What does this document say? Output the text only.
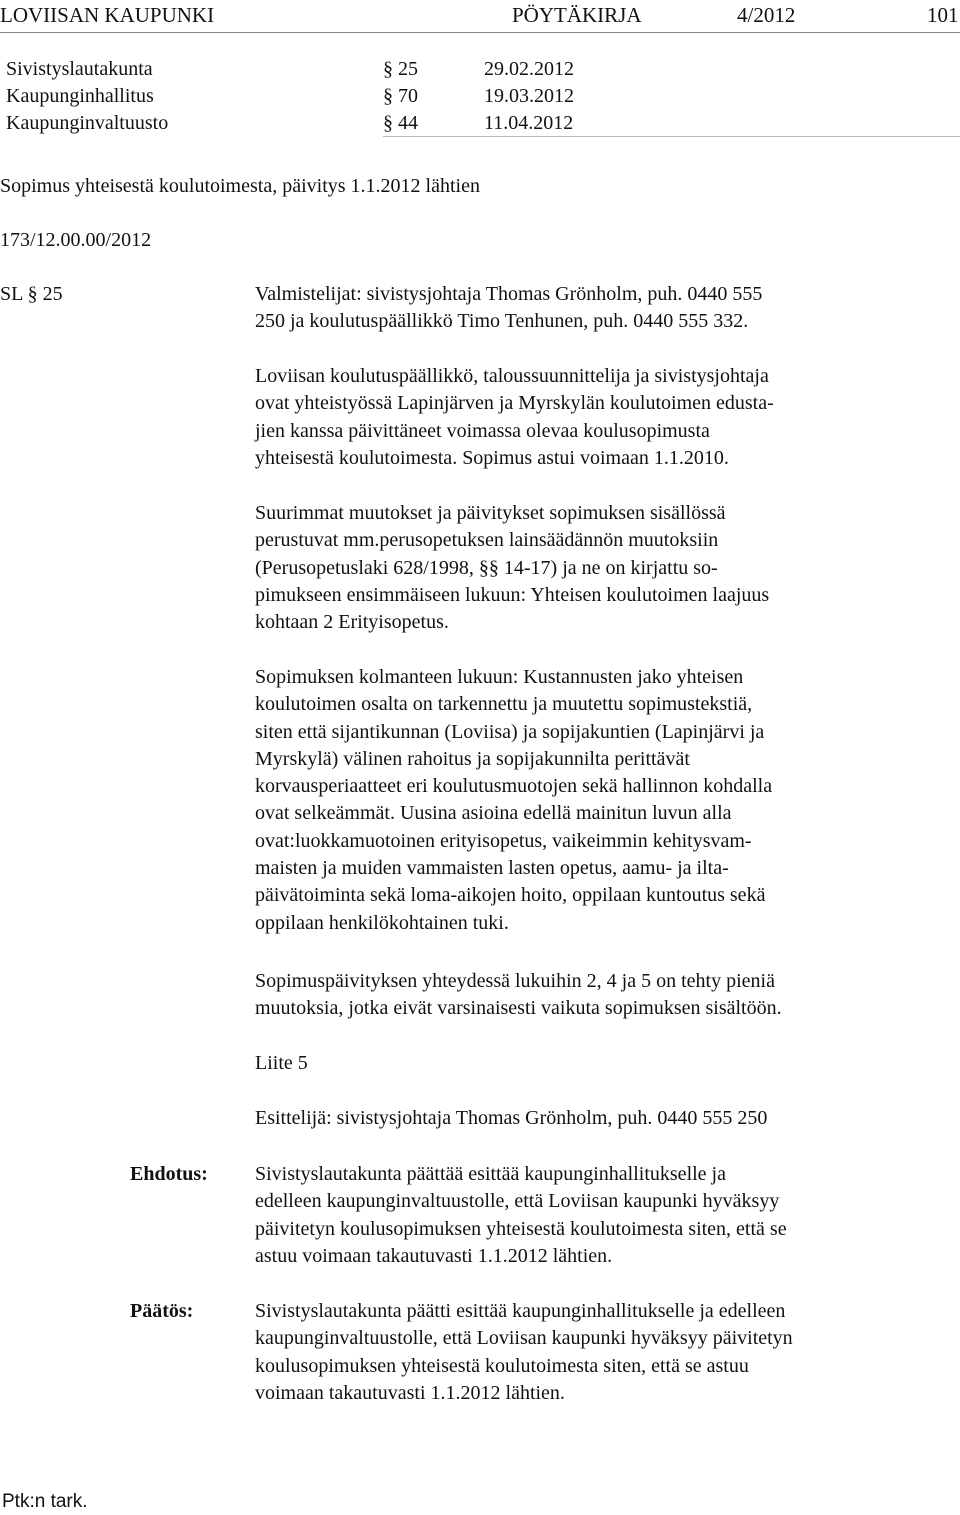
LOVIISAN KAUPUNKI	PÖYTÄKIRJA	4/2012	101
Sivistyslautakunta	§ 25	29.02.2012
Kaupunginhallitus	§ 70	19.03.2012
Kaupunginvaltuusto	§ 44	11.04.2012
Sopimus yhteisestä koulutoimesta, päivitys 1.1.2012 lähtien
173/12.00.00/2012
SL § 25	Valmistelijat: sivistysjohtaja Thomas Grönholm, puh. 0440 555
250 ja koulutuspäällikkö Timo Tenhunen, puh. 0440 555 332.
Loviisan koulutuspäällikkö, taloussuunnittelija ja sivistysjohtaja
ovat yhteistyössä Lapinjärven ja Myrskylän koulutoimen edusta-
jien kanssa päivittäneet voimassa olevaa koulusopimusta
yhteisestä koulutoimesta. Sopimus astui voimaan 1.1.2010.
Suurimmat muutokset ja päivitykset sopimuksen sisällössä
perustuvat mm.perusopetuksen lainsäädännön muutoksiin
(Perusopetuslaki 628/1998, §§ 14-17) ja ne on kirjattu so-
pimukseen ensimmäiseen lukuun: Yhteisen koulutoimen laajuus
kohtaan 2 Erityisopetus.
Sopimuksen kolmanteen lukuun: Kustannusten jako yhteisen
koulutoimen osalta on tarkennettu ja muutettu sopimustekstiä,
siten että sijantikunnan (Loviisa) ja sopijakuntien (Lapinjärvi ja
Myrskylä) välinen rahoitus ja sopijakunnilta perittävät
korvausperiaatteet eri koulutusmuotojen sekä hallinnon kohdalla
ovat selkeämmät. Uusina asioina edellä mainitun luvun alla
ovat:luokkamuotoinen erityisopetus, vaikeimmin kehitysvam-
maisten ja muiden vammaisten lasten opetus, aamu- ja ilta-
päivätoiminta sekä loma-aikojen hoito, oppilaan kuntoutus sekä
oppilaan henkilökohtainen tuki.
Sopimuspäivityksen yhteydessä lukuihin 2, 4 ja 5 on tehty pieniä
muutoksia, jotka eivät varsinaisesti vaikuta sopimuksen sisältöön.
Liite 5
Esittelijä: sivistysjohtaja Thomas Grönholm, puh. 0440 555 250
Ehdotus: Sivistyslautakunta päättää esittää kaupunginhallitukselle ja
edelleen kaupunginvaltuustolle, että Loviisan kaupunki hyväksyy
päivitetyn koulusopimuksen yhteisestä koulutoimesta siten, että se
astuu voimaan takautuvasti 1.1.2012 lähtien.
Päätös:	Sivistyslautakunta päätti esittää kaupunginhallitukselle ja edelleen
kaupunginvaltuustolle, että Loviisan kaupunki hyväksyy päivitetyn
koulusopimuksen yhteisestä koulutoimesta siten, että se astuu
voimaan takautuvasti 1.1.2012 lähtien.
Ptk:n tark.
